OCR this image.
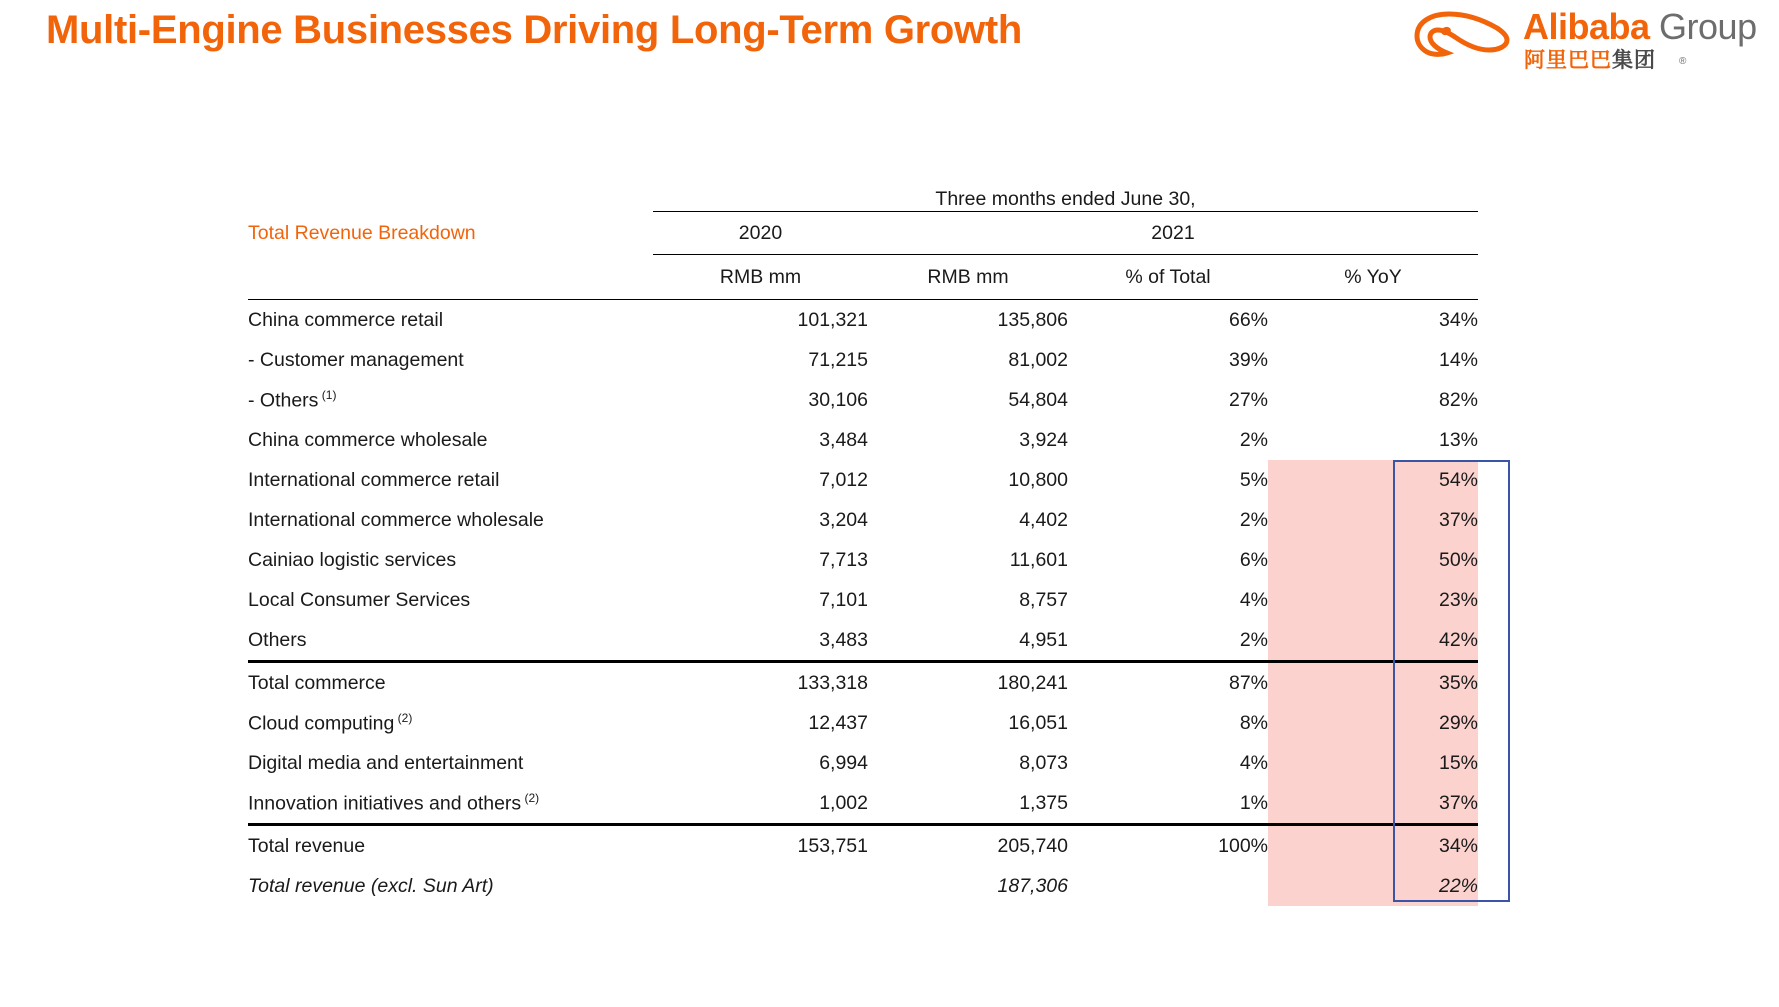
Multi-Engine Businesses Driving Long-Term Growth	Alibaba Group
阿里巴巴集团 ®
	Three months ended June 30,			
Total Revenue Breakdown	2020	2021		
	RMB mm	RMB mm	% of Total	% YoY
China commerce retail	101,321	135,806	66%	34%
- Customer management	71,215	81,002	39%	14%
- Others $^{(1)}$	30,106	54,804	27%	82%
China commerce wholesale	3,484	3,924	2%	13%
International commerce retail	7,012	10,800	5%	54%
International commerce wholesale	3,204	4,402	2%	37%
Cainiao logistic services	7,713	11,601	6%	50%
Local Consumer Services	7,101	8,757	4%	23%
Others	3,483	4,951	2%	42%
Total commerce	133,318	180,241	87%	35%
Cloud computing $^{(2)}$	12,437	16,051	8%	29%
Digital media and entertainment	6,994	8,073	4%	15%
Innovation initiatives and others $^{(2)}$	1,002	1,375	1%	37%
Total revenue	153,751	205,740	100%	34%
Total revenue (excl. Sun Art)		187,306		22%
